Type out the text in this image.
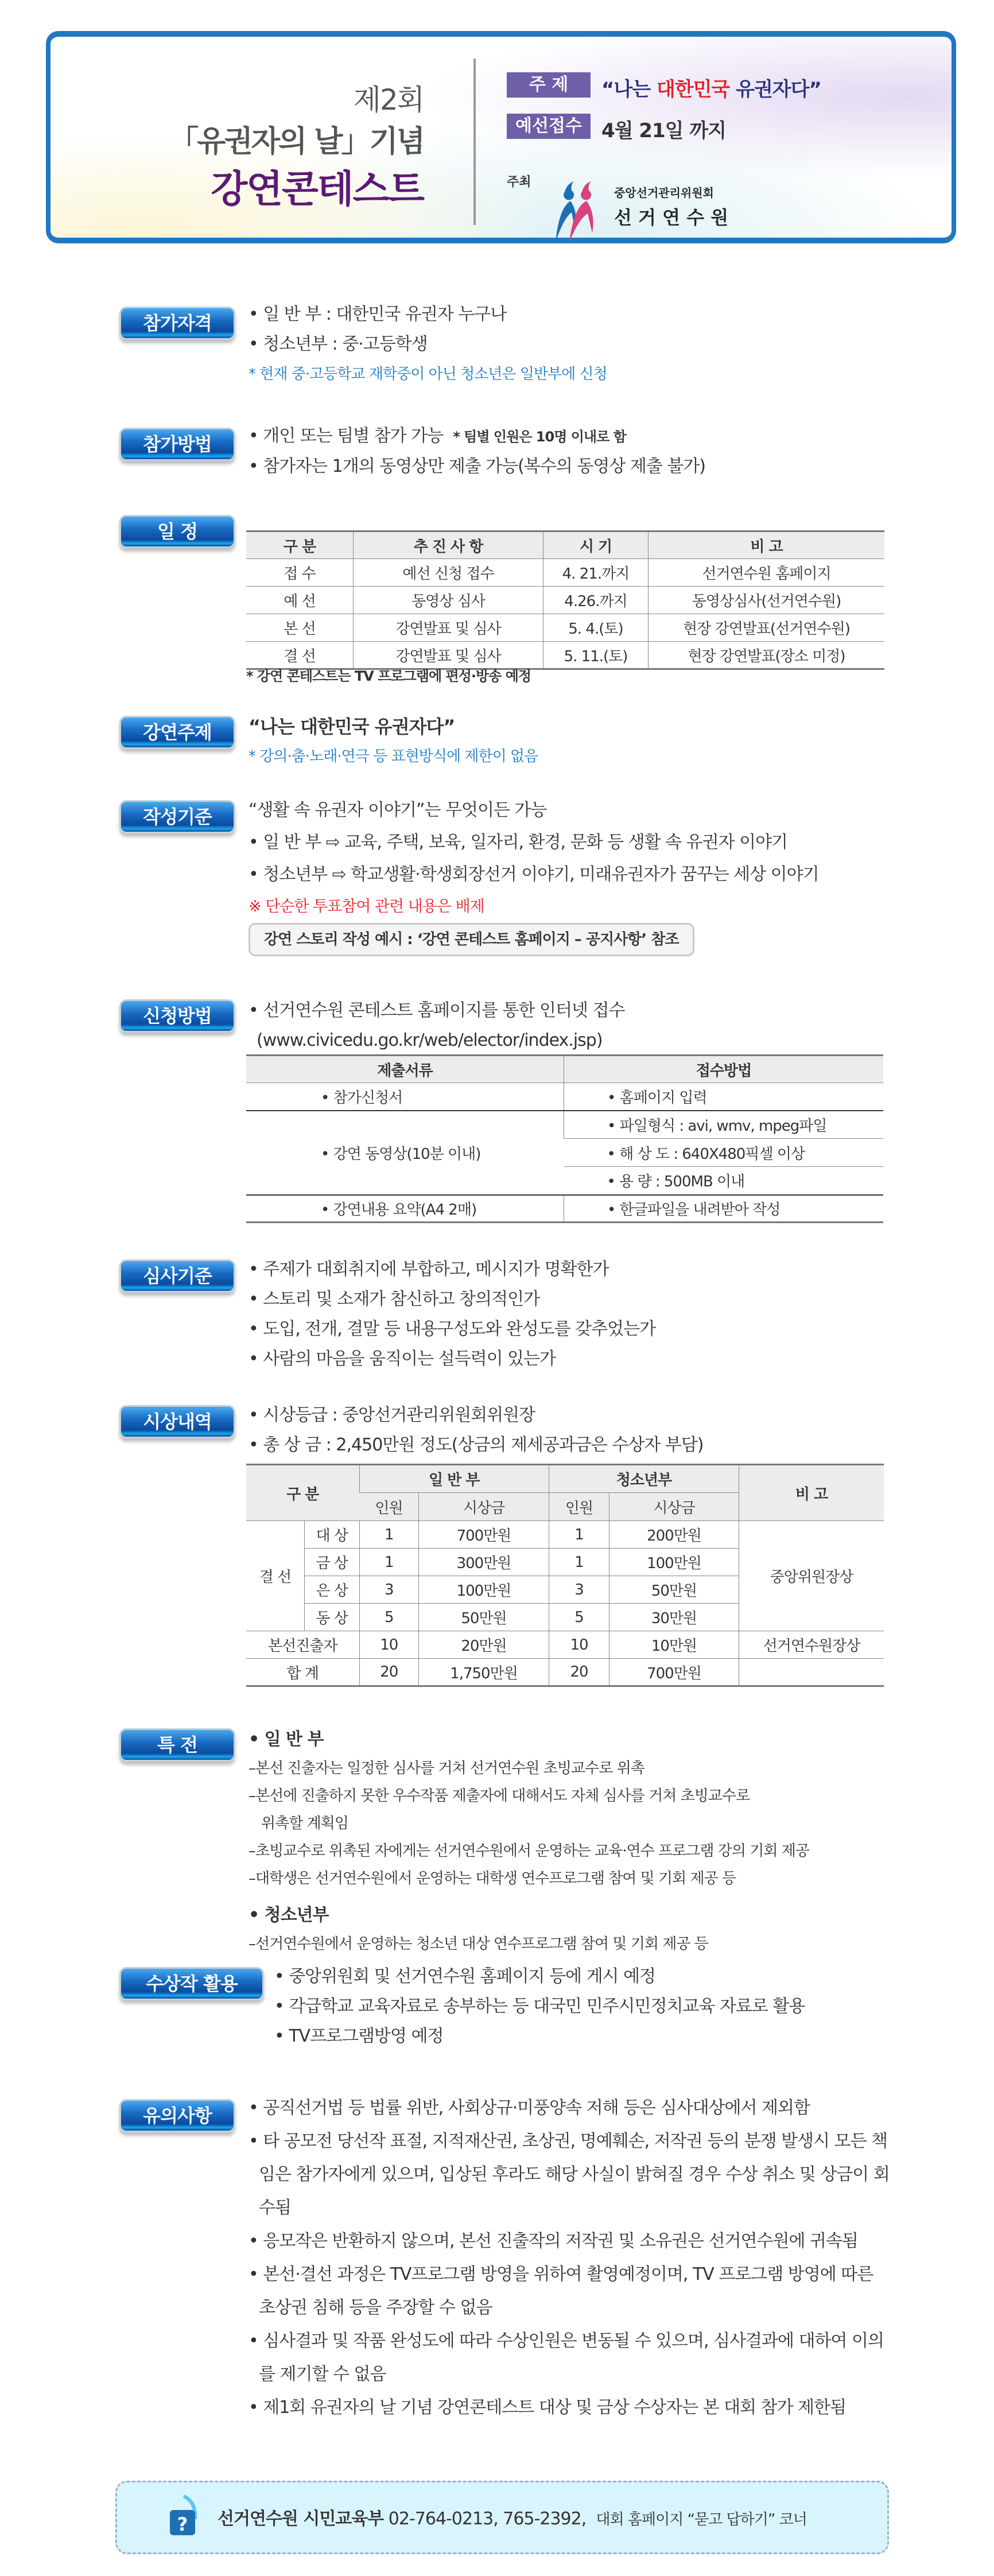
제2회
「유권자의 날」기념
강연콘테스트
주 제	“나는 대한민국 유권자다”
예선접수	4월 21일 까지
주최
중앙선거관리위원회
선 거 연 수 원
참가자격	• 일 반 부 : 대한민국 유권자 누구나

• 청소년부 : 중·고등학생

* 현재 중·고등학교 재학중이 아닌 청소년은 일반부에 신청

참가방법	• 개인 또는 팀별 참가 가능 * 팀별 인원은 10명 이내로 함

• 참가자는 1개의 동영상만 제출 가능(복수의 동영상 제출 불가)

일 정
구 분	추 진 사 항	시 기	비 고
접 수	예선 신청 접수	4. 21.까지	선거연수원 홈페이지
예 선	동영상 심사	4.26.까지	동영상심사(선거연수원)
본 선	강연발표 및 심사	5. 4.(토)	현장 강연발표(선거연수원)
결 선	강연발표 및 심사	5. 11.(토)	현장 강연발표(장소 미정)
* 강연 콘테스트는 TV 프로그램에 편성·방송 예정
강연주제	“나는 대한민국 유권자다”

* 강의·춤·노래·연극 등 표현방식에 제한이 없음

작성기준	“생활 속 유권자 이야기”는 무엇이든 가능

• 일 반 부 ⇨ 교육, 주택, 보육, 일자리, 환경, 문화 등 생활 속 유권자 이야기

• 청소년부 ⇨ 학교생활·학생회장선거 이야기, 미래유권자가 꿈꾸는 세상 이야기

※ 단순한 투표참여 관련 내용은 배제

강연 스토리 작성 예시 : ‘강연 콘테스트 홈페이지 – 공지사항’ 참조
신청방법	• 선거연수원 콘테스트 홈페이지를 통한 인터넷 접수

(www.civicedu.go.kr/web/elector/index.jsp)

제출서류	접수방법
• 참가신청서	• 홈페이지 입력
• 강연 동영상(10분 이내)	• 파일형식 : avi, wmv, mpeg파일
	• 해 상 도 : 640X480픽셀 이상
	• 용 량 : 500MB 이내
• 강연내용 요약(A4 2매)	• 한글파일을 내려받아 작성
심사기준	• 주제가 대회취지에 부합하고, 메시지가 명확한가

• 스토리 및 소재가 참신하고 창의적인가

• 도입, 전개, 결말 등 내용구성도와 완성도를 갖추었는가

• 사람의 마음을 움직이는 설득력이 있는가

시상내역	• 시상등급 : 중앙선거관리위원회위원장

• 총 상 금 : 2,450만원 정도(상금의 제세공과금은 수상자 부담)

구 분		일 반 부		청소년부		비 고
		인원	시상금	인원	시상금	
결 선	대 상	1	700만원	1	200만원	중앙위원장상
	금 상	1	300만원	1	100만원	
	은 상	3	100만원	3	50만원	
	동 상	5	50만원	5	30만원	
본선진출자		10	20만원	10	10만원	선거연수원장상
합 계		20	1,750만원	20	700만원	
특 전	• 일 반 부

–본선 진출자는 일정한 심사를 거쳐 선거연수원 초빙교수로 위촉

–본선에 진출하지 못한 우수작품 제출자에 대해서도 자체 심사를 거쳐 초빙교수로

위촉할 계획임

–초빙교수로 위촉된 자에게는 선거연수원에서 운영하는 교육·연수 프로그램 강의 기회 제공

–대학생은 선거연수원에서 운영하는 대학생 연수프로그램 참여 및 기회 제공 등

• 청소년부

–선거연수원에서 운영하는 청소년 대상 연수프로그램 참여 및 기회 제공 등

수상작 활용	• 중앙위원회 및 선거연수원 홈페이지 등에 게시 예정

• 각급학교 교육자료로 송부하는 등 대국민 민주시민정치교육 자료로 활용

• TV프로그램방영 예정

유의사항	• 공직선거법 등 법률 위반, 사회상규·미풍양속 저해 등은 심사대상에서 제외함

• 타 공모전 당선작 표절, 지적재산권, 초상권, 명예훼손, 저작권 등의 분쟁 발생시 모든 책임은 참가자에게 있으며, 입상된 후라도 해당 사실이 밝혀질 경우 수상 취소 및 상금이 회수됨

• 응모작은 반환하지 않으며, 본선 진출작의 저작권 및 소유권은 선거연수원에 귀속됨

• 본선·결선 과정은 TV프로그램 방영을 위하여 촬영예정이며, TV 프로그램 방영에 따른 초상권 침해 등을 주장할 수 없음

• 심사결과 및 작품 완성도에 따라 수상인원은 변동될 수 있으며, 심사결과에 대하여 이의를 제기할 수 없음

• 제1회 유권자의 날 기념 강연콘테스트 대상 및 금상 수상자는 본 대회 참가 제한됨

? 선거연수원 시민교육부 02-764-0213, 765-2392, 대회 홈페이지 “묻고 답하기” 코너
